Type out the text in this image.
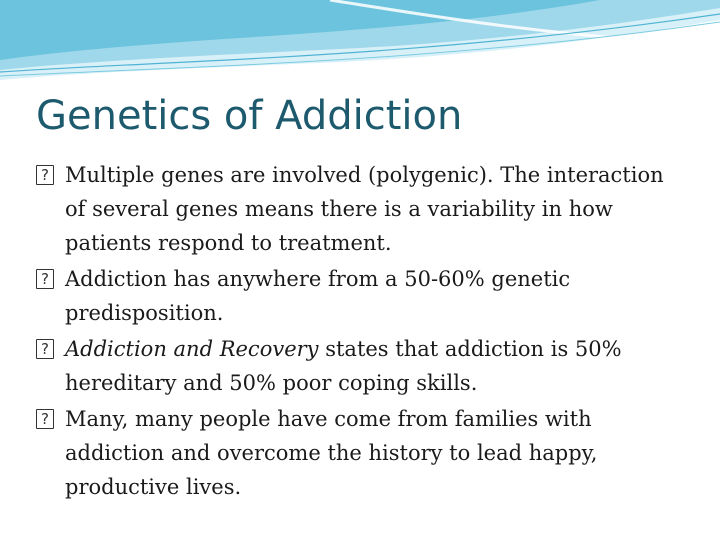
Genetics of Addiction
? Multiple genes are involved (polygenic). The interaction of several genes means there is a variability in how patients respond to treatment.
? Addiction has anywhere from a 50-60% genetic predisposition.
? Addiction and Recovery states that addiction is 50% hereditary and 50% poor coping skills.
? Many, many people have come from families with addiction and overcome the history to lead happy, productive lives.
